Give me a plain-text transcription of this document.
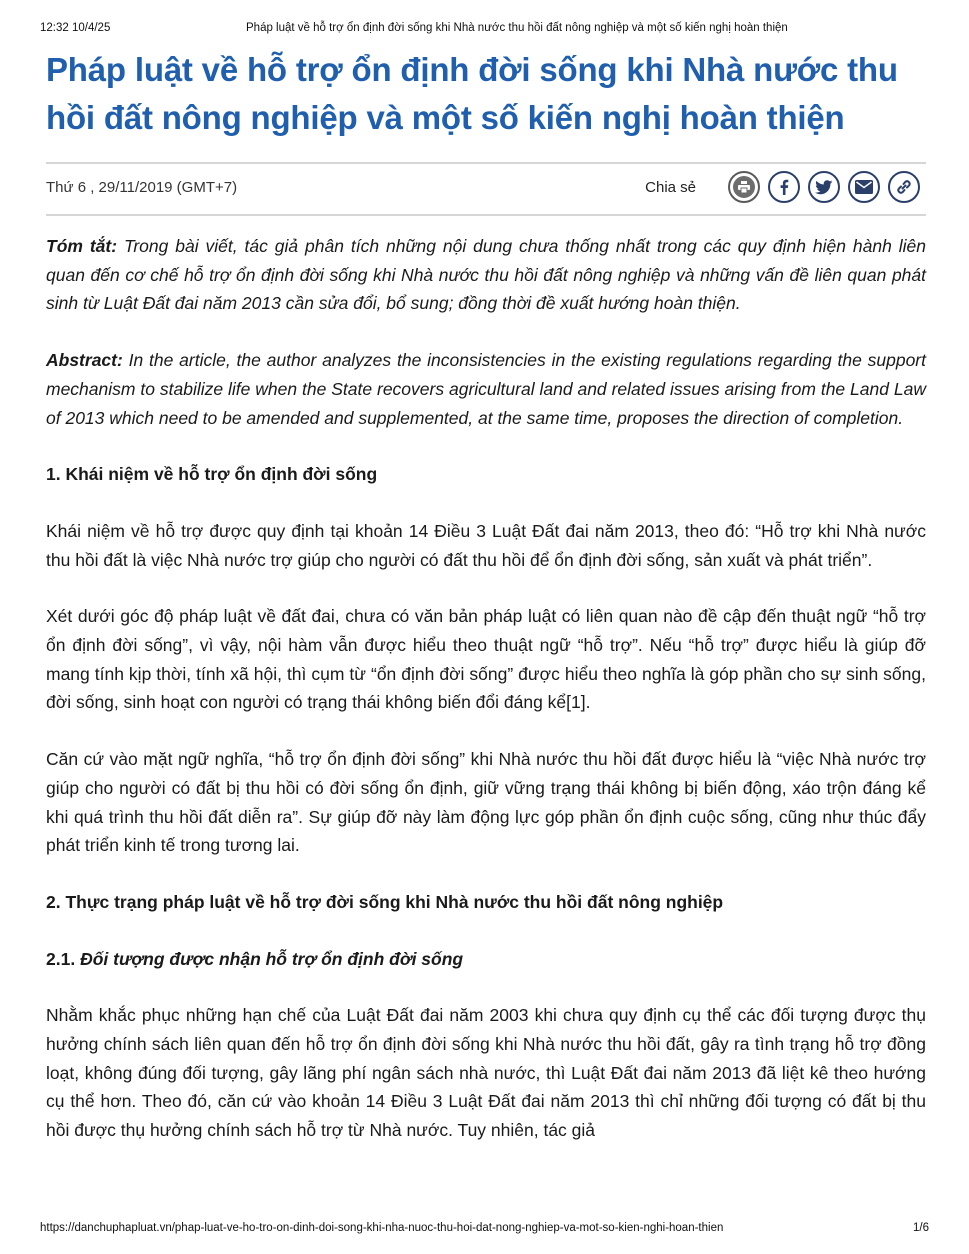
12:32 10/4/25	Pháp luật về hỗ trợ ổn định đời sống khi Nhà nước thu hồi đất nông nghiệp và một số kiến nghị hoàn thiện
Pháp luật về hỗ trợ ổn định đời sống khi Nhà nước thu hồi đất nông nghiệp và một số kiến nghị hoàn thiện
Thứ 6 , 29/11/2019 (GMT+7)	Chia sẻ

Tóm tắt: Trong bài viết, tác giả phân tích những nội dung chưa thống nhất trong các quy định hiện hành liên quan đến cơ chế hỗ trợ ổn định đời sống khi Nhà nước thu hồi đất nông nghiệp và những vấn đề liên quan phát sinh từ Luật Đất đai năm 2013 cần sửa đổi, bổ sung; đồng thời đề xuất hướng hoàn thiện.

Abstract: In the article, the author analyzes the inconsistencies in the existing regulations regarding the support mechanism to stabilize life when the State recovers agricultural land and related issues arising from the Land Law of 2013 which need to be amended and supplemented, at the same time, proposes the direction of completion.

1. Khái niệm về hỗ trợ ổn định đời sống

Khái niệm về hỗ trợ được quy định tại khoản 14 Điều 3 Luật Đất đai năm 2013, theo đó: “Hỗ trợ khi Nhà nước thu hồi đất là việc Nhà nước trợ giúp cho người có đất thu hồi để ổn định đời sống, sản xuất và phát triển”.

Xét dưới góc độ pháp luật về đất đai, chưa có văn bản pháp luật có liên quan nào đề cập đến thuật ngữ “hỗ trợ ổn định đời sống”, vì vậy, nội hàm vẫn được hiểu theo thuật ngữ “hỗ trợ”. Nếu “hỗ trợ” được hiểu là giúp đỡ mang tính kịp thời, tính xã hội, thì cụm từ “ổn định đời sống” được hiểu theo nghĩa là góp phần cho sự sinh sống, đời sống, sinh hoạt con người có trạng thái không biến đổi đáng kể[1].

Căn cứ vào mặt ngữ nghĩa, “hỗ trợ ổn định đời sống” khi Nhà nước thu hồi đất được hiểu là “việc Nhà nước trợ giúp cho người có đất bị thu hồi có đời sống ổn định, giữ vững trạng thái không bị biến động, xáo trộn đáng kể khi quá trình thu hồi đất diễn ra”. Sự giúp đỡ này làm động lực góp phần ổn định cuộc sống, cũng như thúc đẩy phát triển kinh tế trong tương lai.

2. Thực trạng pháp luật về hỗ trợ đời sống khi Nhà nước thu hồi đất nông nghiệp
2.1. Đối tượng được nhận hỗ trợ ổn định đời sống

Nhằm khắc phục những hạn chế của Luật Đất đai năm 2003 khi chưa quy định cụ thể các đối tượng được thụ hưởng chính sách liên quan đến hỗ trợ ổn định đời sống khi Nhà nước thu hồi đất, gây ra tình trạng hỗ trợ đồng loạt, không đúng đối tượng, gây lãng phí ngân sách nhà nước, thì Luật Đất đai năm 2013 đã liệt kê theo hướng cụ thể hơn. Theo đó, căn cứ vào khoản 14 Điều 3 Luật Đất đai năm 2013 thì chỉ những đối tượng có đất bị thu hồi được thụ hưởng chính sách hỗ trợ từ Nhà nước. Tuy nhiên, tác giả

https://danchuphapluat.vn/phap-luat-ve-ho-tro-on-dinh-doi-song-khi-nha-nuoc-thu-hoi-dat-nong-nghiep-va-mot-so-kien-nghi-hoan-thien	1/6
